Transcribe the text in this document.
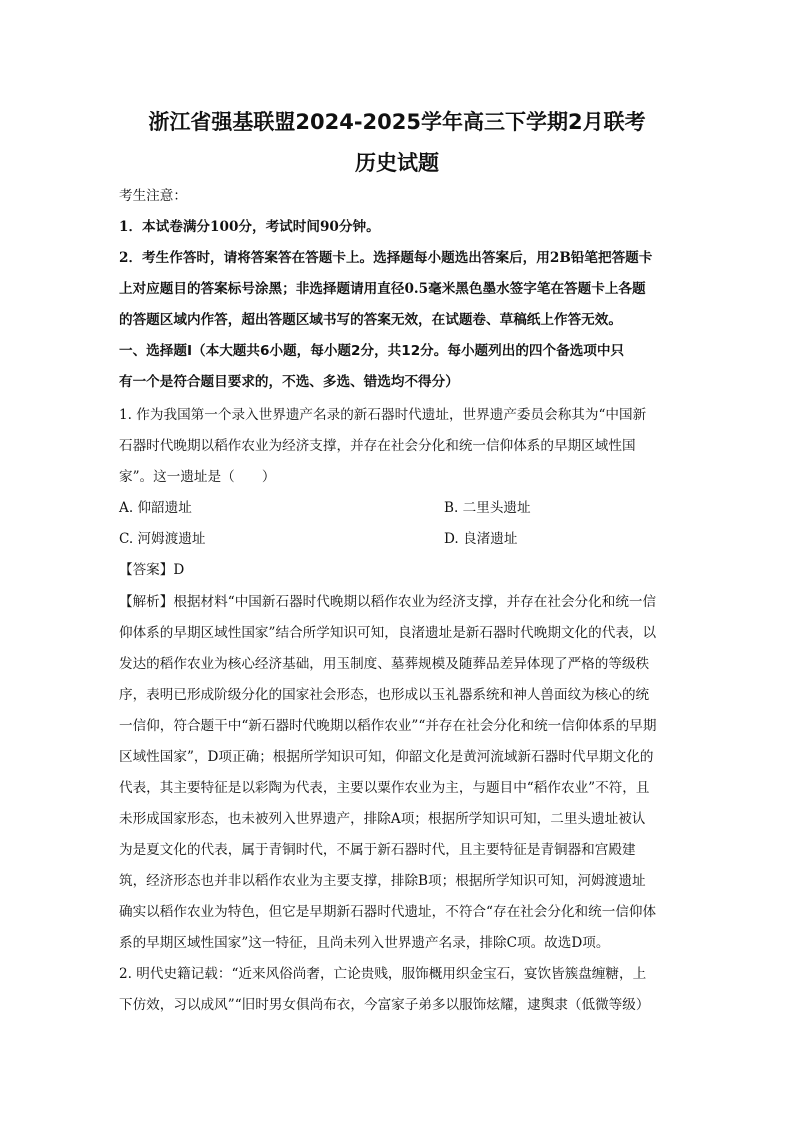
浙江省强基联盟2024-2025学年高三下学期2月联考
历史试题
考生注意：
1．本试卷满分100分，考试时间90分钟。
2．考生作答时，请将答案答在答题卡上。选择题每小题选出答案后，用2B铅笔把答题卡
上对应题目的答案标号涂黑；非选择题请用直径0.5毫米黑色墨水签字笔在答题卡上各题
的答题区域内作答，超出答题区域书写的答案无效，在试题卷、草稿纸上作答无效。
一、选择题Ⅰ（本大题共6小题，每小题2分，共12分。每小题列出的四个备选项中只
有一个是符合题目要求的，不选、多选、错选均不得分）
1. 作为我国第一个录入世界遗产名录的新石器时代遗址，世界遗产委员会称其为“中国新
石器时代晚期以稻作农业为经济支撑，并存在社会分化和统一信仰体系的早期区域性国
家”。这一遗址是（　　）
A. 仰韶遗址	B. 二里头遗址
C. 河姆渡遗址	D. 良渚遗址
【答案】D
【解析】根据材料“中国新石器时代晚期以稻作农业为经济支撑，并存在社会分化和统一信
仰体系的早期区域性国家”结合所学知识可知，良渚遗址是新石器时代晚期文化的代表，以
发达的稻作农业为核心经济基础，用玉制度、墓葬规模及随葬品差异体现了严格的等级秩
序，表明已形成阶级分化的国家社会形态，也形成以玉礼器系统和神人兽面纹为核心的统
一信仰，符合题干中“新石器时代晚期以稻作农业”“并存在社会分化和统一信仰体系的早期
区域性国家”，D项正确；根据所学知识可知，仰韶文化是黄河流域新石器时代早期文化的
代表，其主要特征是以彩陶为代表，主要以粟作农业为主，与题目中“稻作农业”不符，且
未形成国家形态，也未被列入世界遗产，排除A项；根据所学知识可知，二里头遗址被认
为是夏文化的代表，属于青铜时代，不属于新石器时代，且主要特征是青铜器和宫殿建
筑，经济形态也并非以稻作农业为主要支撑，排除B项；根据所学知识可知，河姆渡遗址
确实以稻作农业为特色，但它是早期新石器时代遗址，不符合“存在社会分化和统一信仰体
系的早期区域性国家”这一特征，且尚未列入世界遗产名录，排除C项。故选D项。
2. 明代史籍记载：“近来风俗尚奢，亡论贵贱，服饰概用织金宝石，宴饮皆簇盘缠糖，上
下仿效，习以成风”“旧时男女俱尚布衣，今富家子弟多以服饰炫耀，逮舆隶（低微等级）
